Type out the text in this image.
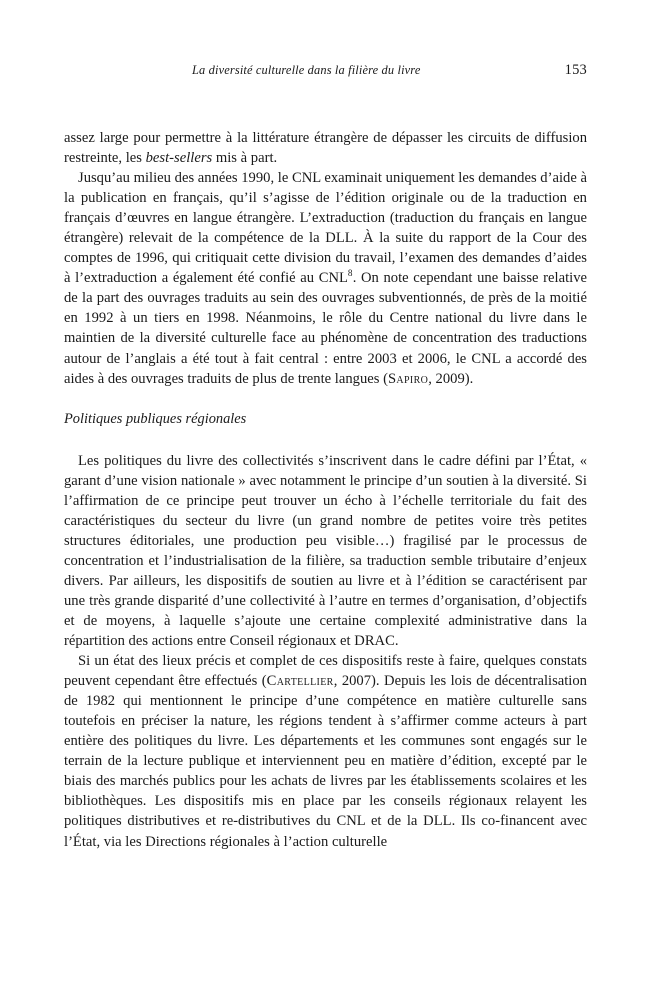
La diversité culturelle dans la filière du livre	153

assez large pour permettre à la littérature étrangère de dépasser les circuits de diffusion restreinte, les best-sellers mis à part.

Jusqu’au milieu des années 1990, le CNL examinait uniquement les demandes d’aide à la publication en français, qu’il s’agisse de l’édition originale ou de la traduction en français d’œuvres en langue étrangère. L’extraduction (traduction du français en langue étrangère) relevait de la compétence de la DLL. À la suite du rapport de la Cour des comptes de 1996, qui critiquait cette division du travail, l’examen des demandes d’aides à l’extraduction a également été confié au CNL$^8$. On note cependant une baisse relative de la part des ouvrages traduits au sein des ouvrages subventionnés, de près de la moitié en 1992 à un tiers en 1998. Néanmoins, le rôle du Centre national du livre dans le maintien de la diversité culturelle face au phénomène de concentration des traductions autour de l’anglais a été tout à fait central : entre 2003 et 2006, le CNL a accordé des aides à des ouvrages traduits de plus de trente langues (Sapiro, 2009).

Politiques publiques régionales

Les politiques du livre des collectivités s’inscrivent dans le cadre défini par l’État, « garant d’une vision nationale » avec notamment le principe d’un soutien à la diversité. Si l’affirmation de ce principe peut trouver un écho à l’échelle territoriale du fait des caractéristiques du secteur du livre (un grand nombre de petites voire très petites structures éditoriales, une production peu visible…) fragilisé par le processus de concentration et l’industrialisation de la filière, sa traduction semble tributaire d’enjeux divers. Par ailleurs, les dispositifs de soutien au livre et à l’édition se caractérisent par une très grande disparité d’une collectivité à l’autre en termes d’organisation, d’objectifs et de moyens, à laquelle s’ajoute une certaine complexité administrative dans la répartition des actions entre Conseil régionaux et DRAC.

Si un état des lieux précis et complet de ces dispositifs reste à faire, quelques constats peuvent cependant être effectués (Cartellier, 2007). Depuis les lois de décentralisation de 1982 qui mentionnent le principe d’une compétence en matière culturelle sans toutefois en préciser la nature, les régions tendent à s’affirmer comme acteurs à part entière des politiques du livre. Les départements et les communes sont engagés sur le terrain de la lecture publique et interviennent peu en matière d’édition, excepté par le biais des marchés publics pour les achats de livres par les établissements scolaires et les bibliothèques. Les dispositifs mis en place par les conseils régionaux relayent les politiques distributives et re-distributives du CNL et de la DLL. Ils co-financent avec l’État, via les Directions régionales à l’action culturelle
